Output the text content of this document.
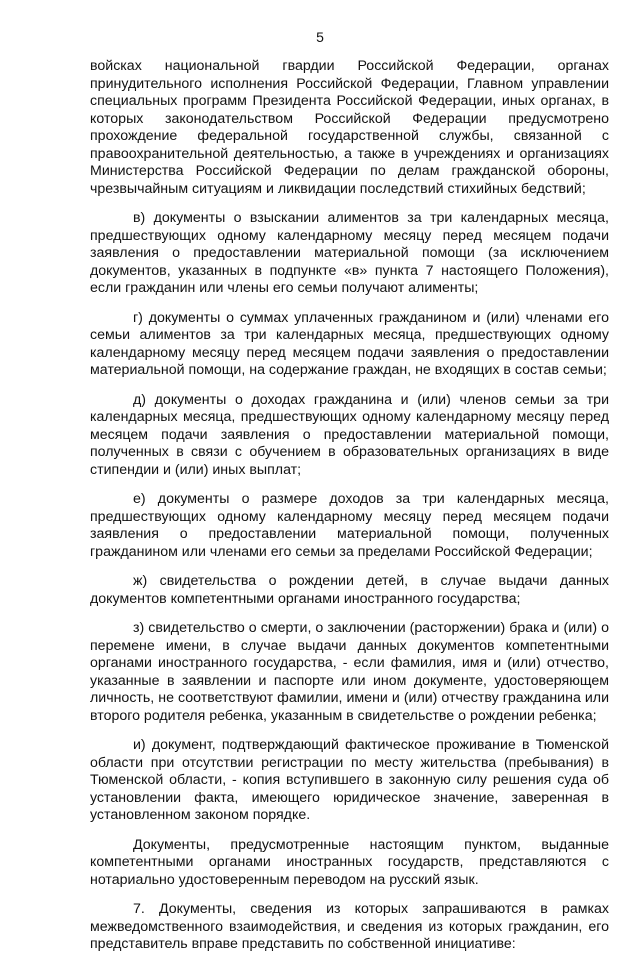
5

войсках национальной гвардии Российской Федерации, органах принудительного исполнения Российской Федерации, Главном управлении специальных программ Президента Российской Федерации, иных органах, в которых законодательством Российской Федерации предусмотрено прохождение федеральной государственной службы, связанной с правоохранительной деятельностью, а также в учреждениях и организациях Министерства Российской Федерации по делам гражданской обороны, чрезвычайным ситуациям и ликвидации последствий стихийных бедствий;

в) документы о взыскании алиментов за три календарных месяца, предшествующих одному календарному месяцу перед месяцем подачи заявления о предоставлении материальной помощи (за исключением документов, указанных в подпункте «в» пункта 7 настоящего Положения), если гражданин или члены его семьи получают алименты;

г) документы о суммах уплаченных гражданином и (или) членами его семьи алиментов за три календарных месяца, предшествующих одному календарному месяцу перед месяцем подачи заявления о предоставлении материальной помощи, на содержание граждан, не входящих в состав семьи;

д) документы о доходах гражданина и (или) членов семьи за три календарных месяца, предшествующих одному календарному месяцу перед месяцем подачи заявления о предоставлении материальной помощи, полученных в связи с обучением в образовательных организациях в виде стипендии и (или) иных выплат;

е) документы о размере доходов за три календарных месяца, предшествующих одному календарному месяцу перед месяцем подачи заявления о предоставлении материальной помощи, полученных гражданином или членами его семьи за пределами Российской Федерации;

ж) свидетельства о рождении детей, в случае выдачи данных документов компетентными органами иностранного государства;

з) свидетельство о смерти, о заключении (расторжении) брака и (или) о перемене имени, в случае выдачи данных документов компетентными органами иностранного государства, - если фамилия, имя и (или) отчество, указанные в заявлении и паспорте или ином документе, удостоверяющем личность, не соответствуют фамилии, имени и (или) отчеству гражданина или второго родителя ребенка, указанным в свидетельстве о рождении ребенка;

и) документ, подтверждающий фактическое проживание в Тюменской области при отсутствии регистрации по месту жительства (пребывания) в Тюменской области, - копия вступившего в законную силу решения суда об установлении факта, имеющего юридическое значение, заверенная в установленном законом порядке.

Документы, предусмотренные настоящим пунктом, выданные компетентными органами иностранных государств, представляются с нотариально удостоверенным переводом на русский язык.

7. Документы, сведения из которых запрашиваются в рамках межведомственного взаимодействия, и сведения из которых гражданин, его представитель вправе представить по собственной инициативе:
